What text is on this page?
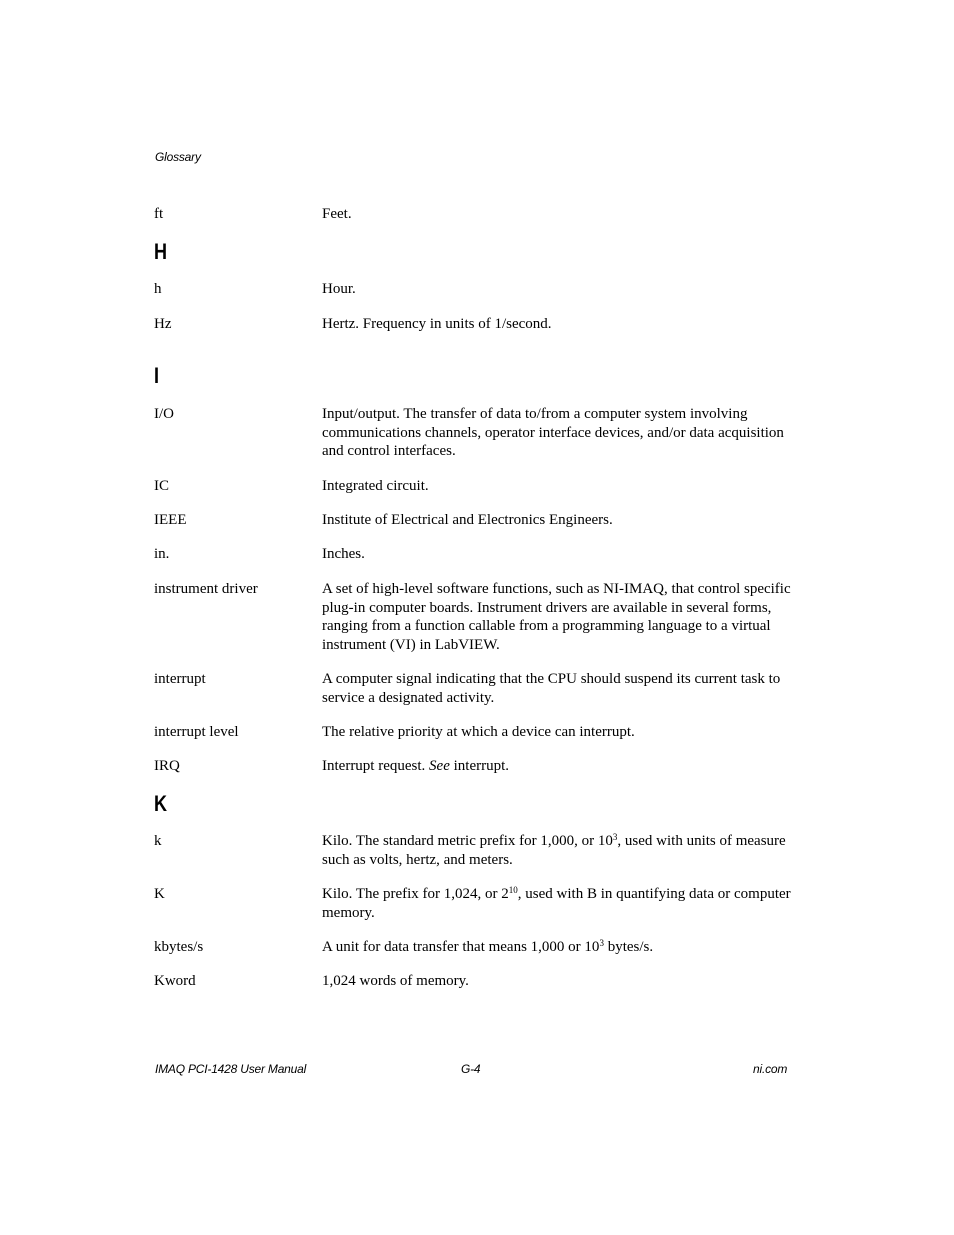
Glossary
ft	Feet.
H
h	Hour.
Hz	Hertz. Frequency in units of 1/second.
I
I/O	Input/output. The transfer of data to/from a computer system involving communications channels, operator interface devices, and/or data acquisition and control interfaces.
IC	Integrated circuit.
IEEE	Institute of Electrical and Electronics Engineers.
in.	Inches.
instrument driver	A set of high-level software functions, such as NI-IMAQ, that control specific plug-in computer boards. Instrument drivers are available in several forms, ranging from a function callable from a programming language to a virtual instrument (VI) in LabVIEW.
interrupt	A computer signal indicating that the CPU should suspend its current task to service a designated activity.
interrupt level	The relative priority at which a device can interrupt.
IRQ	Interrupt request. See interrupt.
K
k	Kilo. The standard metric prefix for 1,000, or $10^3$, used with units of measure such as volts, hertz, and meters.
K	Kilo. The prefix for 1,024, or $2^{10}$, used with B in quantifying data or computer memory.
kbytes/s	A unit for data transfer that means 1,000 or $10^3$ bytes/s.
Kword	1,024 words of memory.
IMAQ PCI-1428 User Manual	G-4	ni.com
